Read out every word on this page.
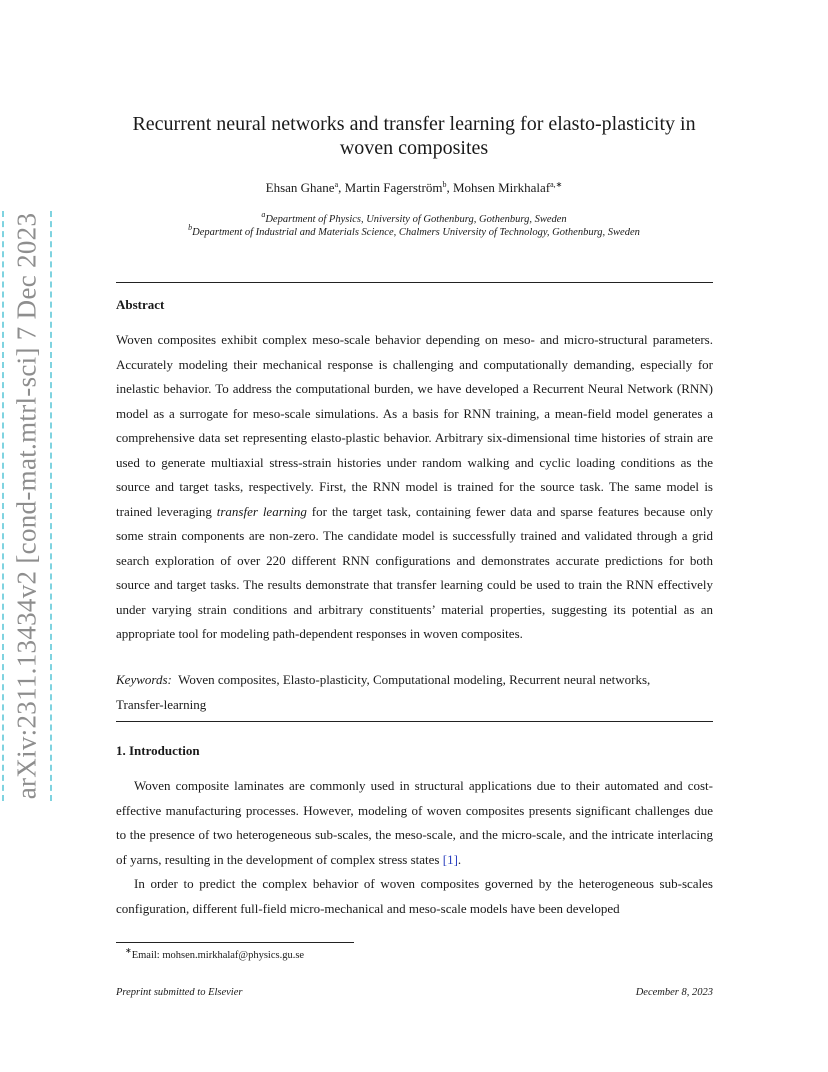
arXiv:2311.13434v2 [cond-mat.mtrl-sci] 7 Dec 2023
Recurrent neural networks and transfer learning for elasto-plasticity in woven composites
Ehsan Ghane$^a$, Martin Fagerström$^b$, Mohsen Mirkhalaf$^{a,∗}$
$^a$Department of Physics, University of Gothenburg, Gothenburg, Sweden
$^b$Department of Industrial and Materials Science, Chalmers University of Technology, Gothenburg, Sweden
Abstract
Woven composites exhibit complex meso-scale behavior depending on meso- and micro-structural parameters. Accurately modeling their mechanical response is challenging and computationally demanding, especially for inelastic behavior. To address the computational burden, we have developed a Recurrent Neural Network (RNN) model as a surrogate for meso-scale simulations. As a basis for RNN training, a mean-field model generates a comprehensive data set representing elasto-plastic behavior. Arbitrary six-dimensional time histories of strain are used to generate multiaxial stress-strain histories under random walking and cyclic loading conditions as the source and target tasks, respectively. First, the RNN model is trained for the source task. The same model is trained leveraging transfer learning for the target task, containing fewer data and sparse features because only some strain components are non-zero. The candidate model is successfully trained and validated through a grid search exploration of over 220 different RNN configurations and demonstrates accurate predictions for both source and target tasks. The results demonstrate that transfer learning could be used to train the RNN effectively under varying strain conditions and arbitrary constituents’ material properties, suggesting its potential as an appropriate tool for modeling path-dependent responses in woven composites.
Keywords: Woven composites, Elasto-plasticity, Computational modeling, Recurrent neural networks, Transfer-learning
1. Introduction

Woven composite laminates are commonly used in structural applications due to their automated and cost-effective manufacturing processes. However, modeling of woven composites presents significant challenges due to the presence of two heterogeneous sub-scales, the meso-scale, and the micro-scale, and the intricate interlacing of yarns, resulting in the development of complex stress states [1].

In order to predict the complex behavior of woven composites governed by the heterogeneous sub-scales configuration, different full-field micro-mechanical and meso-scale models have been developed

∗Email: mohsen.mirkhalaf@physics.gu.se
Preprint submitted to Elsevier	December 8, 2023
